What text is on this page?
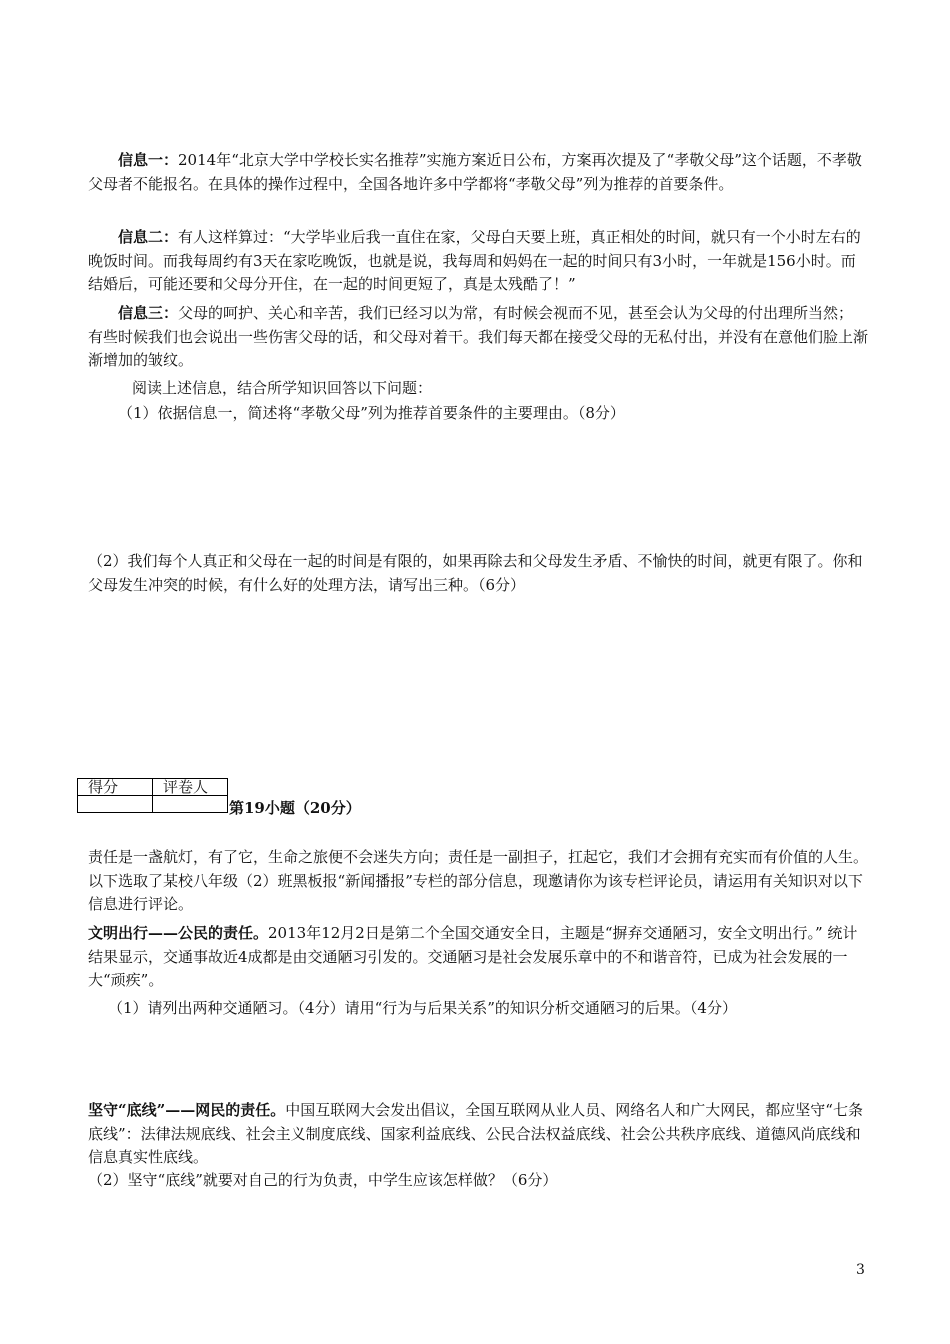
信息一：2014年“北京大学中学校长实名推荐”实施方案近日公布，方案再次提及了“孝敬父母”这个话题，不孝敬父母者不能报名。在具体的操作过程中，全国各地许多中学都将“孝敬父母”列为推荐的首要条件。
信息二：有人这样算过：“大学毕业后我一直住在家，父母白天要上班，真正相处的时间，就只有一个小时左右的晚饭时间。而我每周约有3天在家吃晚饭，也就是说，我每周和妈妈在一起的时间只有3小时，一年就是156小时。而结婚后，可能还要和父母分开住，在一起的时间更短了，真是太残酷了！”
信息三：父母的呵护、关心和辛苦，我们已经习以为常，有时候会视而不见，甚至会认为父母的付出理所当然；有些时候我们也会说出一些伤害父母的话，和父母对着干。我们每天都在接受父母的无私付出，并没有在意他们脸上渐渐增加的皱纹。
阅读上述信息，结合所学知识回答以下问题：
（1）依据信息一，简述将“孝敬父母”列为推荐首要条件的主要理由。（8分）
（2）我们每个人真正和父母在一起的时间是有限的，如果再除去和父母发生矛盾、不愉快的时间，就更有限了。你和父母发生冲突的时候，有什么好的处理方法，请写出三种。（6分）
得分	评卷人

第19小题（20分）
责任是一盏航灯，有了它，生命之旅便不会迷失方向；责任是一副担子，扛起它，我们才会拥有充实而有价值的人生。以下选取了某校八年级（2）班黑板报“新闻播报”专栏的部分信息，现邀请你为该专栏评论员，请运用有关知识对以下信息进行评论。
文明出行——公民的责任。2013年12月2日是第二个全国交通安全日，主题是“摒弃交通陋习，安全文明出行。” 统计结果显示，交通事故近4成都是由交通陋习引发的。交通陋习是社会发展乐章中的不和谐音符，已成为社会发展的一大“顽疾”。
（1）请列出两种交通陋习。（4分）请用“行为与后果关系”的知识分析交通陋习的后果。（4分）
坚守“底线”——网民的责任。中国互联网大会发出倡议，全国互联网从业人员、网络名人和广大网民，都应坚守“七条底线”：法律法规底线、社会主义制度底线、国家利益底线、公民合法权益底线、社会公共秩序底线、道德风尚底线和信息真实性底线。
（2）坚守“底线”就要对自己的行为负责，中学生应该怎样做？（6分）
3
